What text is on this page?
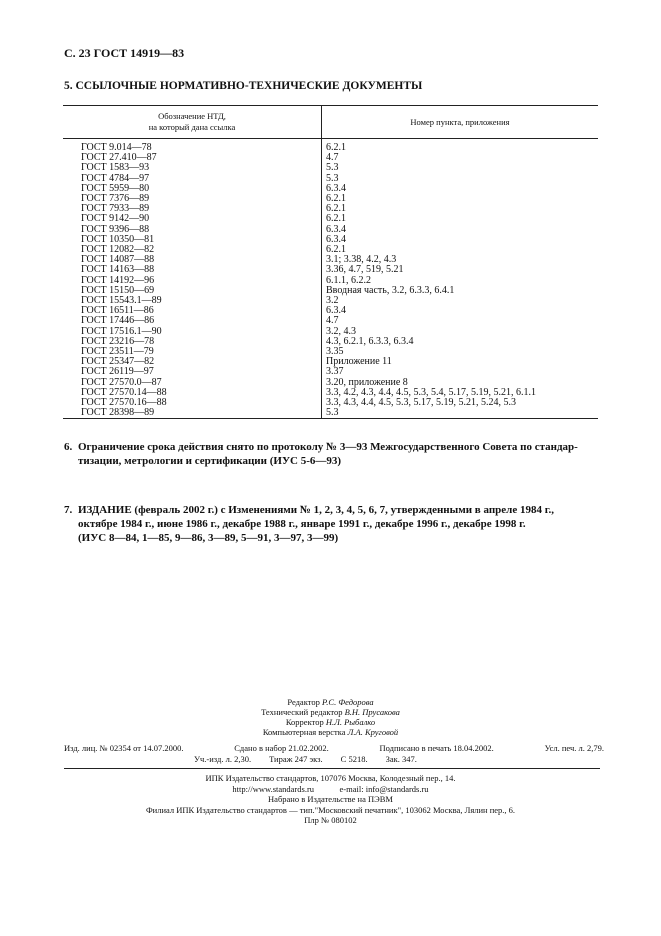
С. 23 ГОСТ 14919—83
5. ССЫЛОЧНЫЕ НОРМАТИВНО-ТЕХНИЧЕСКИЕ ДОКУМЕНТЫ
Обозначение НТД,
на который дана ссылка	Номер пункта, приложения

ГОСТ 9.014—78	6.2.1
ГОСТ 27.410—87	4.7
ГОСТ 1583—93	5.3
ГОСТ 4784—97	5.3
ГОСТ 5959—80	6.3.4
ГОСТ 7376—89	6.2.1
ГОСТ 7933—89	6.2.1
ГОСТ 9142—90	6.2.1
ГОСТ 9396—88	6.3.4
ГОСТ 10350—81	6.3.4
ГОСТ 12082—82	6.2.1
ГОСТ 14087—88	3.1; 3.38, 4.2, 4.3
ГОСТ 14163—88	3.36, 4.7, 519, 5.21
ГОСТ 14192—96	6.1.1, 6.2.2
ГОСТ 15150—69	Вводная часть, 3.2, 6.3.3, 6.4.1
ГОСТ 15543.1—89	3.2
ГОСТ 16511—86	6.3.4
ГОСТ 17446—86	4.7
ГОСТ 17516.1—90	3.2, 4.3
ГОСТ 23216—78	4.3, 6.2.1, 6.3.3, 6.3.4
ГОСТ 23511—79	3.35
ГОСТ 25347—82	Приложение 11
ГОСТ 26119—97	3.37
ГОСТ 27570.0—87	3.20, приложение 8
ГОСТ 27570.14—88	3.3, 4.2, 4.3, 4.4, 4.5, 5.3, 5.4, 5.17, 5.19, 5.21, 6.1.1
ГОСТ 27570.16—88	3.3, 4.3, 4.4, 4.5, 5.3, 5.17, 5.19, 5.21, 5.24, 5.3
ГОСТ 28398—89	5.3
6. Ограничение срока действия снято по протоколу № 3—93 Межгосударственного Совета по стандар-
тизации, метрологии и сертификации (ИУС 5-6—93)
7. ИЗДАНИЕ (февраль 2002 г.) с Изменениями № 1, 2, 3, 4, 5, 6, 7, утвержденными в апреле 1984 г.,
октябре 1984 г., июне 1986 г., декабре 1988 г., январе 1991 г., декабре 1996 г., декабре 1998 г.
(ИУС 8—84, 1—85, 9—86, 3—89, 5—91, 3—97, 3—99)
Редактор Р.С. Федорова
Технический редактор В.Н. Прусакова
Корректор Н.Л. Рыбалко
Компьютерная верстка Л.А. Круговой
Изд. лиц. № 02354 от 14.07.2000.	Сдано в набор 21.02.2002.	Подписано в печать 18.04.2002.	Усл. печ. л. 2,79.
Уч.-изд. л. 2,30. Тираж 247 экз. С 5218. Зак. 347.
ИПК Издательство стандартов, 107076 Москва, Колодезный пер., 14.
http://www.standards.ru	e-mail: info@standards.ru
Набрано в Издательстве на ПЭВМ
Филиал ИПК Издательство стандартов — тип."Московский печатник", 103062 Москва, Лялин пер., 6.
Плр № 080102
